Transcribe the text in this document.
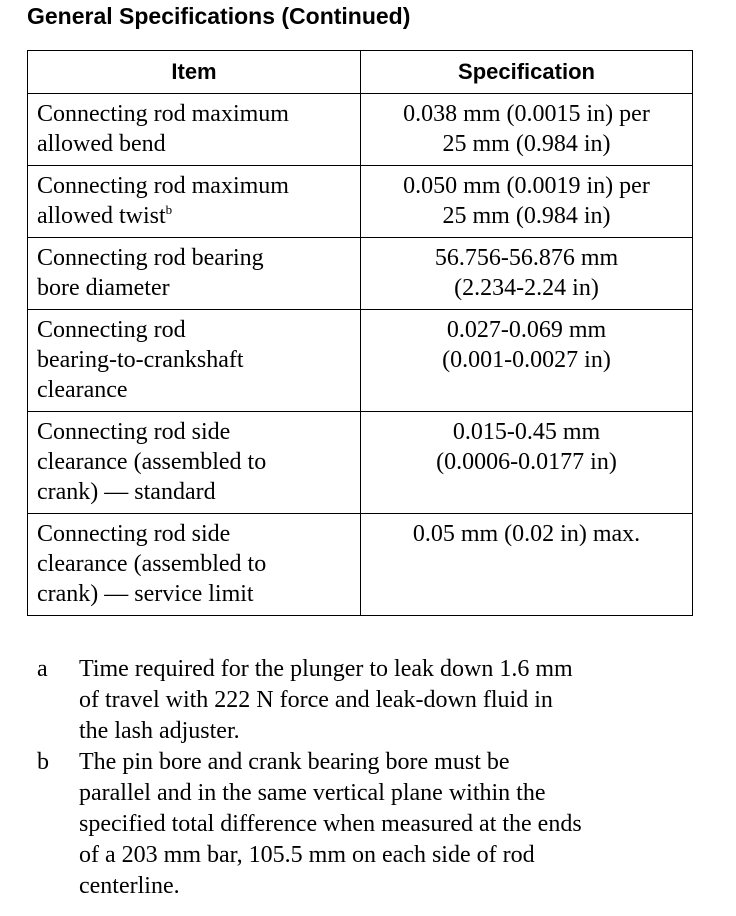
General Specifications (Continued)
Item	Specification

Connecting rod maximum
allowed bend	0.038 mm (0.0015 in) per
25 mm (0.984 in)

Connecting rod maximum
allowed twist$^b$	0.050 mm (0.0019 in) per
25 mm (0.984 in)

Connecting rod bearing
bore diameter	56.756-56.876 mm
(2.234-2.24 in)

Connecting rod
bearing-to-crankshaft
clearance	0.027-0.069 mm
(0.001-0.0027 in)

Connecting rod side
clearance (assembled to
crank) — standard	0.015-0.45 mm
(0.0006-0.0177 in)

Connecting rod side
clearance (assembled to
crank) — service limit	0.05 mm (0.02 in) max.
a	Time required for the plunger to leak down 1.6 mm
of travel with 222 N force and leak-down fluid in
the lash adjuster.
b	The pin bore and crank bearing bore must be
parallel and in the same vertical plane within the
specified total difference when measured at the ends
of a 203 mm bar, 105.5 mm on each side of rod
centerline.
